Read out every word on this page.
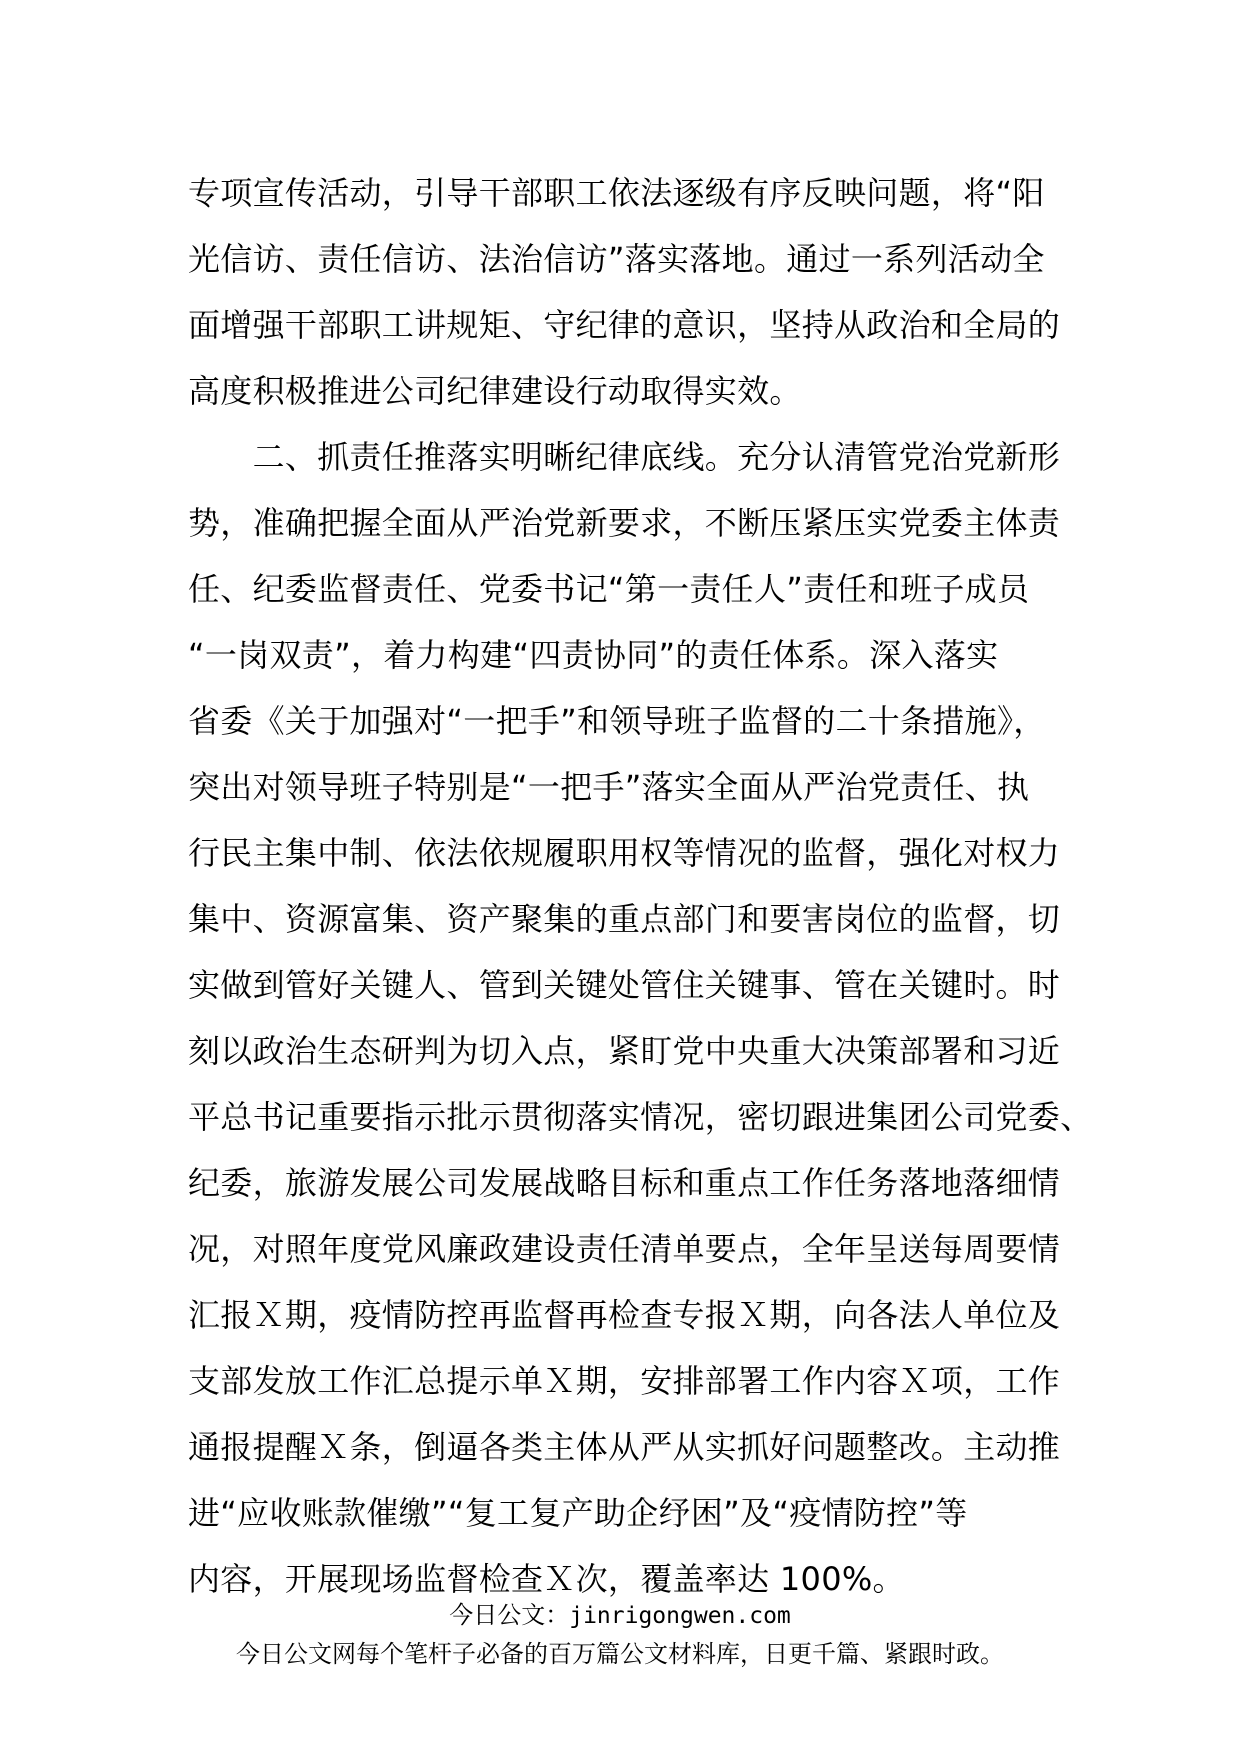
专项宣传活动，引导干部职工依法逐级有序反映问题，将“阳
光信访、责任信访、法治信访”落实落地。通过一系列活动全
面增强干部职工讲规矩、守纪律的意识，坚持从政治和全局的
高度积极推进公司纪律建设行动取得实效。
　　二、抓责任推落实明晰纪律底线。充分认清管党治党新形
势，准确把握全面从严治党新要求，不断压紧压实党委主体责
任、纪委监督责任、党委书记“第一责任人”责任和班子成员
“一岗双责”，着力构建“四责协同”的责任体系。深入落实
省委《关于加强对“一把手”和领导班子监督的二十条措施》，
突出对领导班子特别是“一把手”落实全面从严治党责任、执
行民主集中制、依法依规履职用权等情况的监督，强化对权力
集中、资源富集、资产聚集的重点部门和要害岗位的监督，切
实做到管好关键人、管到关键处管住关键事、管在关键时。时
刻以政治生态研判为切入点，紧盯党中央重大决策部署和习近
平总书记重要指示批示贯彻落实情况，密切跟进集团公司党委、
纪委，旅游发展公司发展战略目标和重点工作任务落地落细情
况，对照年度党风廉政建设责任清单要点，全年呈送每周要情
汇报Ｘ期，疫情防控再监督再检查专报Ｘ期，向各法人单位及
支部发放工作汇总提示单Ｘ期，安排部署工作内容Ｘ项，工作
通报提醒Ｘ条，倒逼各类主体从严从实抓好问题整改。主动推
进“应收账款催缴”“复工复产助企纾困”及“疫情防控”等
内容，开展现场监督检查Ｘ次，覆盖率达 100%。
今日公文：jinrigongwen.com
今日公文网每个笔杆子必备的百万篇公文材料库，日更千篇、紧跟时政。
